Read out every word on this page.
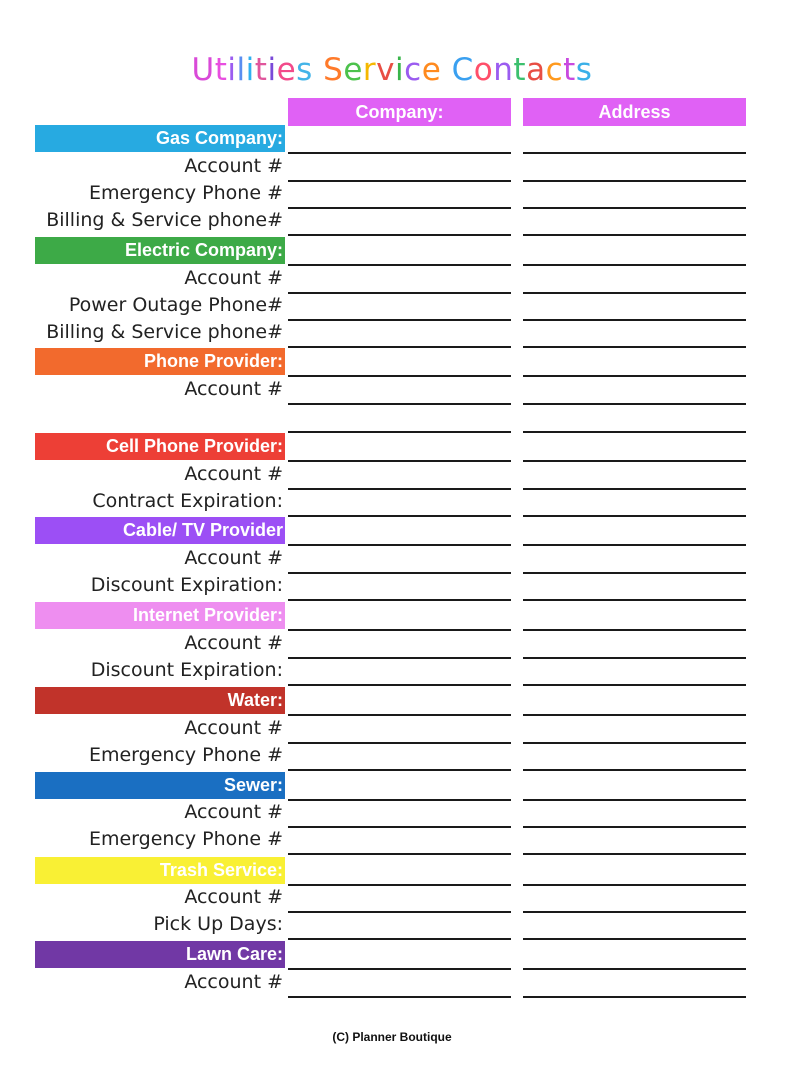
Utilities Service Contacts
Company:	Address
Gas Company:
Account #
Emergency Phone #
Billing & Service phone#
Electric Company:
Account #
Power Outage Phone#
Billing & Service phone#
Phone Provider:
Account #
Cell Phone Provider:
Account #
Contract Expiration:
Cable/ TV Provider
Account #
Discount Expiration:
Internet Provider:
Account #
Discount Expiration:
Water:
Account #
Emergency Phone #
Sewer:
Account #
Emergency Phone #
Trash Service:
Account #
Pick Up Days:
Lawn Care:
Account #
(C) Planner Boutique
